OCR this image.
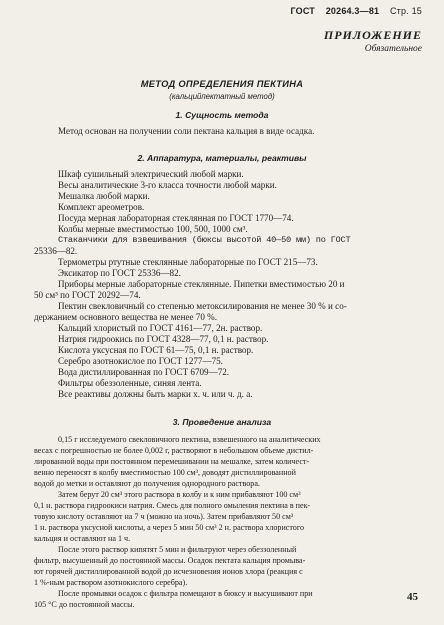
ГОСТ 20264.3—81 Стр. 15
ПРИЛОЖЕНИЕ
Обязательное
МЕТОД ОПРЕДЕЛЕНИЯ ПЕКТИНА
(кальцийпектатный метод)
1. Сущность метода
Метод основан на получении соли пектана кальция в виде осадка.
2. Аппаратура, материалы, реактивы
Шкаф сушильный электрический любой марки.
Весы аналитические 3-го класса точности любой марки.
Мешалка любой марки.
Комплект ареометров.
Посуда мерная лабораторная стеклянная по ГОСТ 1770—74.
Колбы мерные вместимостью 100, 500, 1000 см³.
Стаканчики для взвешивания (бюксы высотой 40—50 мм) по ГОСТ
25336—82.
Термометры ртутные стеклянные лабораторные по ГОСТ 215—73.
Эксикатор по ГОСТ 25336—82.
Приборы мерные лабораторные стеклянные. Пипетки вместимостью 20 и
50 см³ по ГОСТ 20292—74.
Пектин свекловичный со степенью метоксилирования не менее 30 % и со-
держанием основного вещества не менее 70 %.
Кальций хлористый по ГОСТ 4161—77, 2н. раствор.
Натрия гидроокись по ГОСТ 4328—77, 0,1 н. раствор.
Кислота уксусная по ГОСТ 61—75, 0,1 н. раствор.
Серебро азотнокислое по ГОСТ 1277—75.
Вода дистиллированная по ГОСТ 6709—72.
Фильтры обеззоленные, синяя лента.
Все реактивы должны быть марки х. ч. или ч. д. а.
3. Проведение анализа
0,15 г исследуемого свекловичного пектина, взвешенного на аналитических
весах с погрешностью не более 0,002 г, растворяют в небольшом объеме дистил-
лированной воды при постоянном перемешивании на мешалке, затем количест-
венно переносят в колбу вместимостью 100 см³, доводят дистиллированной
водой до метки и оставляют до получения однородного раствора.
Затем берут 20 см³ этого раствора в колбу и к ним прибавляют 100 см³
0,1 н. раствора гидроокиси натрия. Смесь для полного омыления пектина в пек-
товую кислоту оставляют на 7 ч (можно на ночь). Затем прибавляют 50 см³
1 н. раствора уксусной кислоты, а через 5 мин 50 см³ 2 н. раствора хлористого
кальция и оставляют на 1 ч.
После этого раствор кипятят 5 мин и фильтруют через обеззоленный
фильтр, высушенный до постоянной массы. Осадок пектата кальция промыва-
ют горячей дистиллированной водой до исчезновения ионов хлора (реакция с
1 %-ным раствором азотнокислого серебра).
После промывки осадок с фильтра помещают в бюксу и высушивают при
105 °С до постоянной массы.
45
